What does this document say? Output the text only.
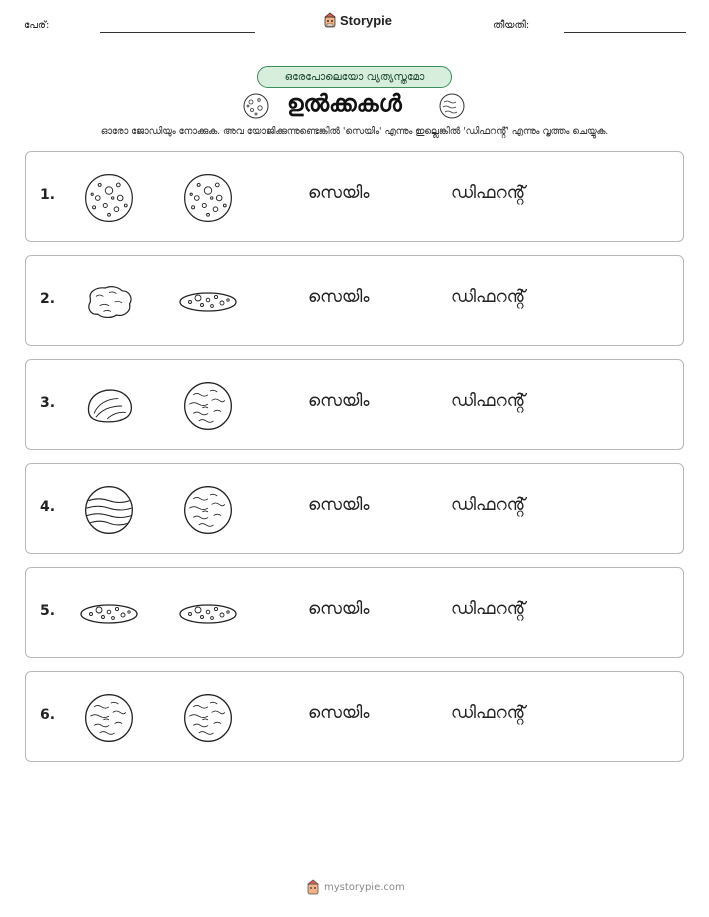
പേര്:	Storypie	തീയതി:
ഒരേപോലെയോ വ്യത്യസ്തമോ
ഉൽക്കകൾ
ഓരോ ജോഡിയും നോക്കുക. അവ യോജിക്കുന്നുണ്ടെങ്കിൽ 'സെയിം' എന്നും ഇല്ലെങ്കിൽ 'ഡിഫറൻ്റ്' എന്നും വൃത്തം ചെയ്യുക.
1.	സെയിം	ഡിഫറൻ്റ്
2.	സെയിം	ഡിഫറൻ്റ്
3.	സെയിം	ഡിഫറൻ്റ്
4.	സെയിം	ഡിഫറൻ്റ്
5.	സെയിം	ഡിഫറൻ്റ്
6.	സെയിം	ഡിഫറൻ്റ്
mystorypie.com
